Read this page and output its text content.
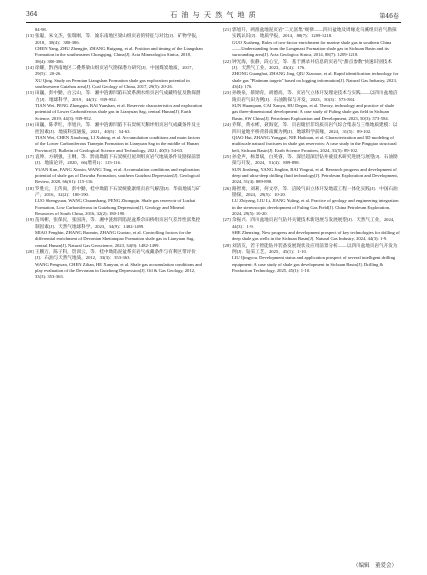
364	石 油 与 天 然 气 地 质	第46卷

84-98.

[13]张聪，朱文杰，张瑞刚，等．渝东南地区梁山组页岩的特征与对比[J]．矿物学报，2018，38(4)：380-386.

CHEN Yang, ZHU Zhengjie, ZHANG Ruigang, et al. Position and timing of the Liangshan Formation in the southeastern Chongqing, China[J]. Acta Mineralogica Sinica, 2018, 38(4): 380-386.

[14]徐耀，黔西南地区二叠系梁山组页岩气勘探潜力研究[J]．中国煤炭地质，2017，29(5)：20-26.

XU Qing. Study on Permian Liangshan Formation shale gas exploration potential in southwestern Guizhou area[J]. Coal Geology of China, 2017, 29(5): 20-26.

[15]田巍，彭中勤，白云山，等．湘中涟源凹陷石炭系测水组页岩气成藏特征及勘探潜力[J]．地球科学，2019，44(3)：939-952.

TIAN Wei, PENG Zhongqin, BAI Yunshan, et al. Reservoir characteristics and exploration potential of Lower Carboniferous shale gas in Lianyuan Sag, central Hunan[J]. Earth Science, 2019, 44(3): 939-952.

[16]田巍，陈孝红，李旭兵，等．湘中涟源凹陷下石炭统天鹅坪组页岩气成藏条件及主控因素[J]．地质科技通报，2021，40(5)：54-63.

TIAN Wei, CHEN Xiaohong, LI Xubing, et al. Accumulation conditions and main factors of the Lower Carboniferous Tianepin Formation in Lianyuan Sag in the middle of Hunan Province[J]. Bulletin of Geological Science and Technology, 2021, 40(5): 54-63.

[17]袁坤，方朝强，王纲，等．黔南坳陷下石炭统打屋坝组页岩气地质条件及勘探前景[J]．地质论评，2020，66(增刊1)：115-116.

YUAN Kun, FANG Xinxin, WANG Ting, et al. Accumulation conditions and exploration potential of shale gas of Dawuba Formation, southern Guizhou Depression[J]. Geological Review, 2020, 66(S1): 115-116.

[18]罗胜元，王传尚，彭中勤，桂中坳陷下石炭统鹿寨组页岩气解剖[J]．华南地质与矿产，2016，32(2)：180-190.

LUO Shengyuan, WANG Chuanshang, PENG Zhongqin. Shale gas reservoir of Luzhai Formation, Low Carboniferous in Guizhong Depression[J]. Geology and Mineral Resources of South China, 2016, 32(2): 180-190.

[19]苗凤彬，张保民，张国涛，等．湘中涟源凹陷泥盆系佘田桥组页岩气差异性富集控制因素[J]．天然气地球科学，2023，34(9)：1482-1499.

MIAO Fengbin, ZHANG Baomin, ZHANG Guotao, et al. Controlling factors for the differential enrichment of Devonian Shetianqiao Formation shale gas in Lianyuan Sag, central Hunan[J]. Natural Gas Geoscience, 2023, 34(9): 1482-1499.

[20]王鹏万，陈子科，贺训云，等．桂中坳陷泥盆系页岩气成藏条件与有利区带评价[J]．石油与天然气地质，2012，33(3)：353-363.

WANG Pengwan, CHEN Zilian, HE Xunyun, et al. Shale gas accumulation conditions and play evaluation of the Devonian in Guizhong Depression[J]. Oil & Gas Geology, 2012, 33(3): 353-363.

[21]郭旭升，两淮盆地泥页岩"二元富集"规律——四川盆地及周缘龙马溪组页岩气勘探实践认识[J]．地质学报，2014，88(7)：1209-1218.

GUO Xusheng. Rules of two-factor enrichment for marine shale gas in southern China——Understanding from the Longmaxi Formation shale gas in Sichuan Basin and its surrounding area[J]. Acta Geologica Sinica, 2014, 88(7): 1209-1218.

[22]钟光海，张静，段心宝，等．基于测录井信息的页岩气"甜点参数"快速识别技术[J]．天然气工业，2023，43(4)：176.

ZHONG Guanghai, ZHANG Jing, QIU Xiaoxue, et al. Rapid identification technology for shale gas "Platinum targets" based on logging information[J]. Natural Gas Industry, 2023, 43(4): 176.

[23]孙焕泉，蔡勋育，胡德高，等．页岩气立体开发理论技术与实践——以四川盆地涪陵页岩气田为例[J]．石油勘探与开发，2023，50(3)：573-584.

SUN Huanquan, CAI Xunyu, HU Degao, et al. Theory, technology and practice of shale gas three-dimensional development: A case study of Fuling shale gas field in Sichuan Basin, SW China[J]. Petroleum Exploration and Development, 2023, 50(3): 573-584.

[24]乔辉，黄永彬，聂海宽，等．页岩储层非均质页岩气综合集表与三维地质建模：以四川盆地平桥背斜南翼为例[J]．地球科学前缘，2024，31(5)：89-102.

QIAO Hui, ZHANG Yonggui, NIE Haikuan, et al. Characterization and 3D modeling of multiscale natural fractures in shale gas reservoirs: A case study in the Pingqiao structural belt, Sichuan Basin[J]. Earth Science Frontiers, 2024, 31(5): 89-102.

[25]孙金声，杨景斌，白英睿，等．深层超深层钻井液技术研究进展与展望[J]．石油勘探与开发，2024，51(4)：889-898.

SUN Jinsheng, YANG Jingbin, BAI Yingrui, et al. Research progress and development of deep and ultra-deep drilling fluid technology[J]. Petroleum Exploration and Development, 2024, 51(4): 889-898.

[26]路智勇，刘莉，何文亭，等．涪陵气田立体开发地震工程一体化实践[J]．中国石油勘探，2024，29(5)：10-20.

LU Zhiyong, LIU Li, JIANG Yuling, et al. Practice of geology and engineering integration in the stereoscopic development of Fuling Gas Field[J]. China Petroleum Exploration, 2024, 29(5): 10-20.

[27]佘振兴．四川盆地页岩气钻井关键技术新进展与发展展望[J]．天然气工业，2024，44(3)：1-9.

SHE Zhenxing. New progress and development prospect of key technologies for drilling of deep shale gas wells in the Sichuan Basin[J]. Natural Gas Industry, 2024, 44(3): 1-9.

[28]刘清友，若干智能钻井装备发展现状及应用前景分析——以四川盆地页岩气开发为例[J]．钻采工艺，2025，45(1)：1-10.

LIU Qingyou. Development status and application prospect of several intelligent drilling equipment: A case study of shale gas development in Sichuan Basin[J]. Drilling & Production Technology, 2025, 45(1): 1-10.

（编辑　董爱会）
